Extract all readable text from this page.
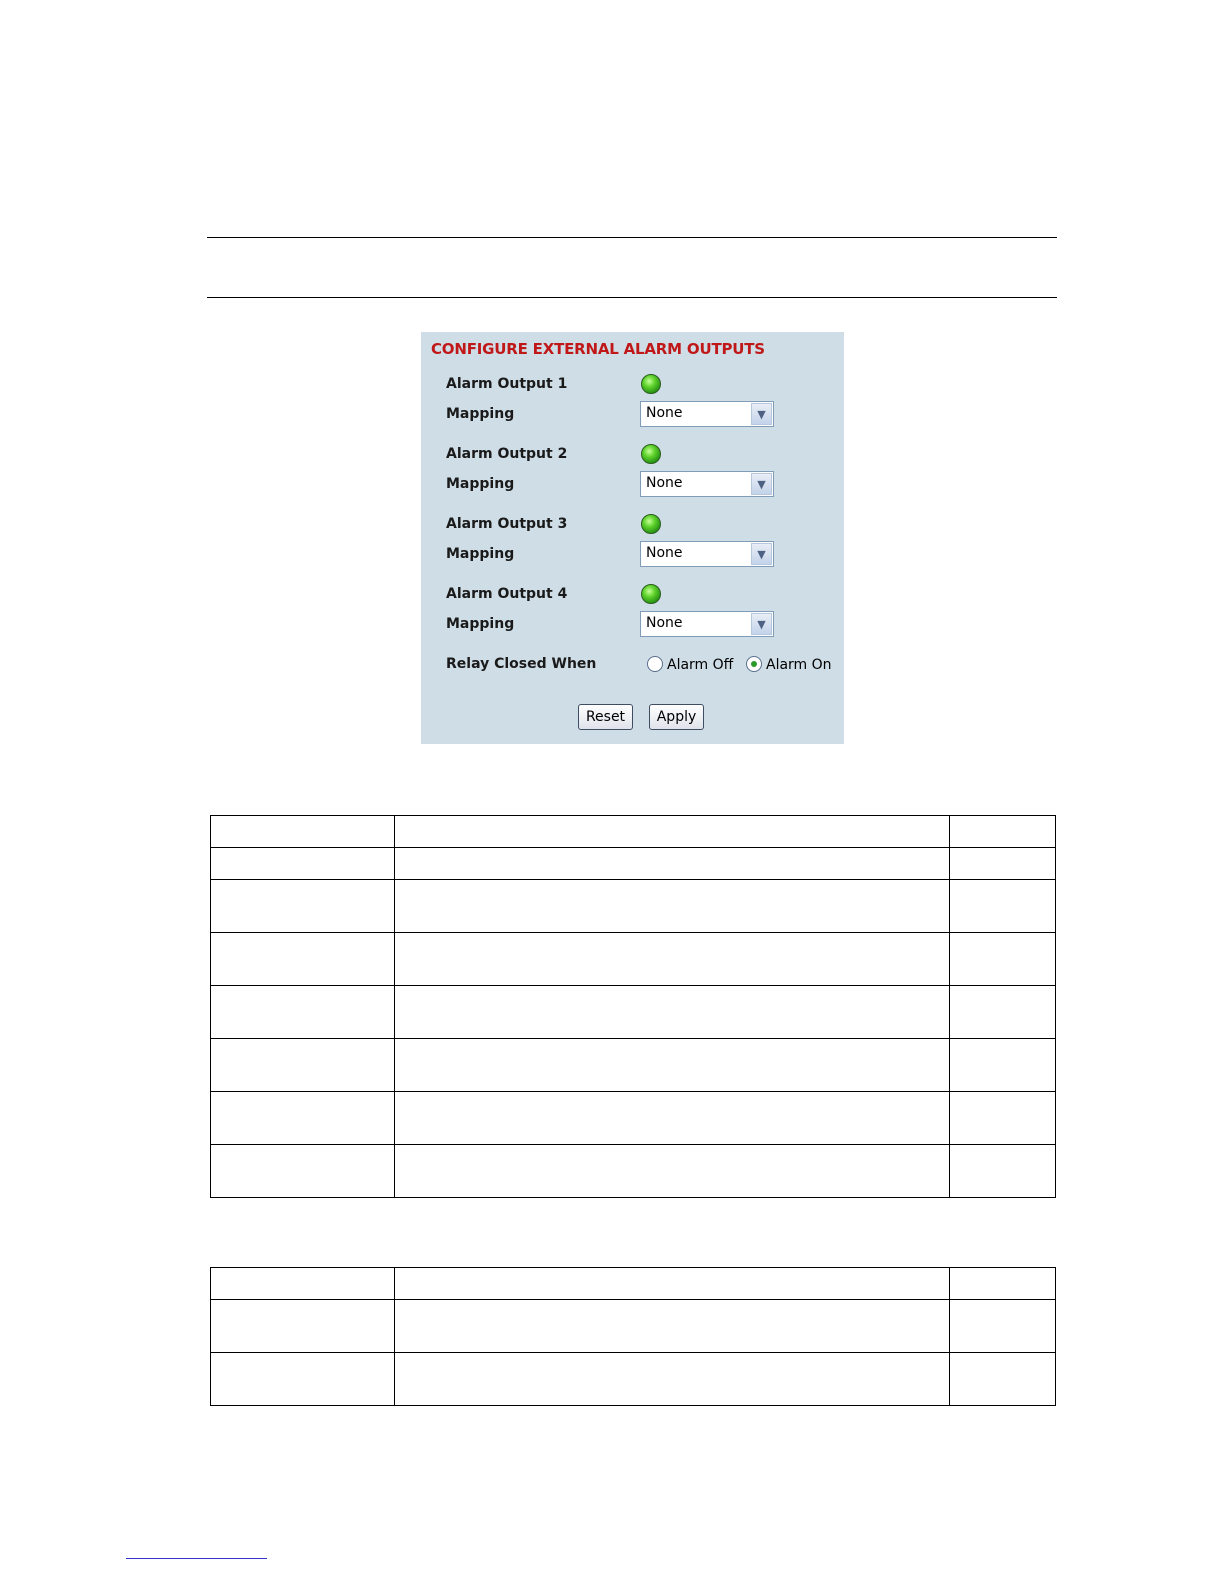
CONFIGURE EXTERNAL ALARM OUTPUTS
Alarm Output 1
Mapping	None	▼
Alarm Output 2
Mapping	None	▼
Alarm Output 3
Mapping	None	▼
Alarm Output 4
Mapping	None	▼
Relay Closed When	Alarm Off Alarm On
Reset	Apply
